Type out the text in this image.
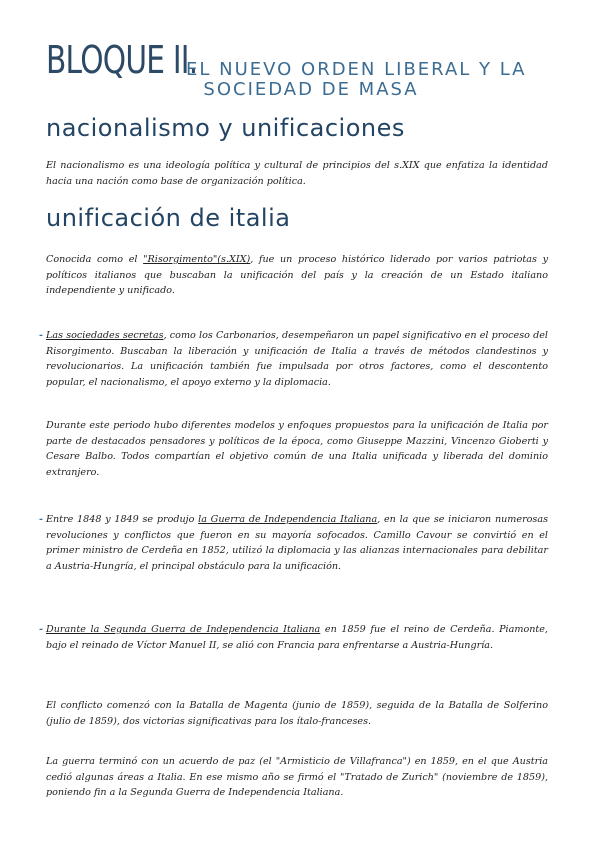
BLOQUE II.
EL NUEVO ORDEN LIBERAL Y LA
SOCIEDAD DE MASA
nacionalismo y unificaciones
El nacionalismo es una ideología política y cultural de principios del s.XIX que enfatiza la identidad hacia una nación como base de organización política.
unificación de italia
Conocida como el "Risorgimento"(s.XIX), fue un proceso histórico liderado por varios patriotas y políticos italianos que buscaban la unificación del país y la creación de un Estado italiano independiente y unificado.
- Las sociedades secretas, como los Carbonarios, desempeñaron un papel significativo en el proceso del Risorgimento. Buscaban la liberación y unificación de Italia a través de métodos clandestinos y revolucionarios. La unificación también fue impulsada por otros factores, como el descontento popular, el nacionalismo, el apoyo externo y la diplomacia.
Durante este periodo hubo diferentes modelos y enfoques propuestos para la unificación de Italia por parte de destacados pensadores y políticos de la época, como Giuseppe Mazzini, Vincenzo Gioberti y Cesare Balbo. Todos compartían el objetivo común de una Italia unificada y liberada del dominio extranjero.
- Entre 1848 y 1849 se produjo la Guerra de Independencia Italiana, en la que se iniciaron numerosas revoluciones y conflictos que fueron en su mayoría sofocados. Camillo Cavour se convirtió en el primer ministro de Cerdeña en 1852, utilizó la diplomacia y las alianzas internacionales para debilitar a Austria-Hungría, el principal obstáculo para la unificación.
- Durante la Segunda Guerra de Independencia Italiana en 1859 fue el reino de Cerdeña. Piamonte, bajo el reinado de Víctor Manuel II, se alió con Francia para enfrentarse a Austria-Hungría.
El conflicto comenzó con la Batalla de Magenta (junio de 1859), seguida de la Batalla de Solferino (julio de 1859), dos victorias significativas para los ítalo-franceses.
La guerra terminó con un acuerdo de paz (el "Armisticio de Villafranca") en 1859, en el que Austria cedió algunas áreas a Italia. En ese mismo año se firmó el "Tratado de Zurich" (noviembre de 1859), poniendo fin a la Segunda Guerra de Independencia Italiana.
